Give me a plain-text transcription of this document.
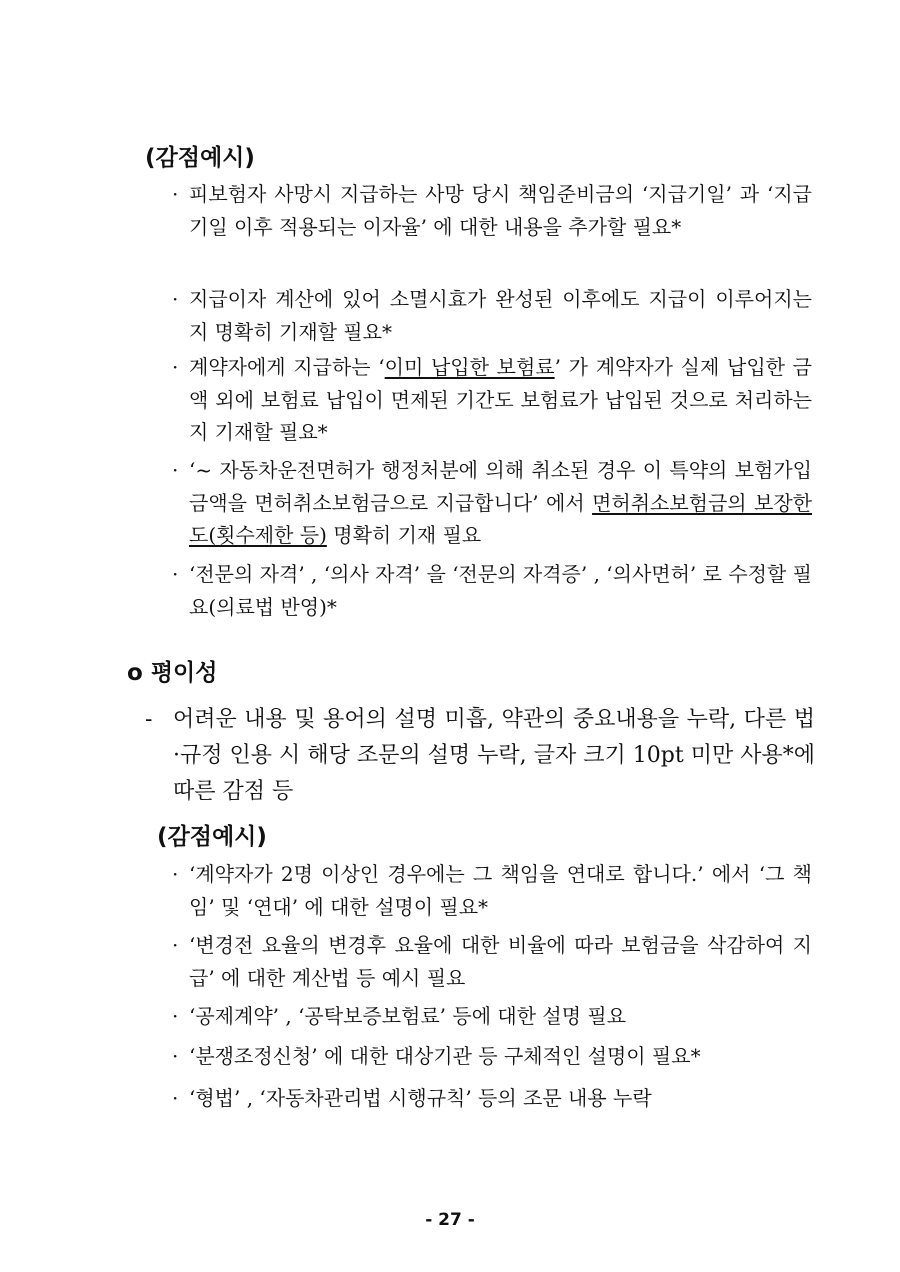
(감점예시)
· 피보험자 사망시 지급하는 사망 당시 책임준비금의 ‘지급기일’ 과 ‘지급기일 이후 적용되는 이자율’ 에 대한 내용을 추가할 필요*
· 지급이자 계산에 있어 소멸시효가 완성된 이후에도 지급이 이루어지는지 명확히 기재할 필요*
· 계약자에게 지급하는 ‘이미 납입한 보험료’ 가 계약자가 실제 납입한 금액 외에 보험료 납입이 면제된 기간도 보험료가 납입된 것으로 처리하는지 기재할 필요*
· ‘~ 자동차운전면허가 행정처분에 의해 취소된 경우 이 특약의 보험가입금액을 면허취소보험금으로 지급합니다’ 에서 면허취소보험금의 보장한도(횟수제한 등) 명확히 기재 필요
· ‘전문의 자격’ , ‘의사 자격’ 을 ‘전문의 자격증’ , ‘의사면허’ 로 수정할 필요(의료법 반영)*
o 평이성
- 어려운 내용 및 용어의 설명 미흡, 약관의 중요내용을 누락, 다른 법·규정 인용 시 해당 조문의 설명 누락, 글자 크기 10pt 미만 사용*에 따른 감점 등
(감점예시)
· ‘계약자가 2명 이상인 경우에는 그 책임을 연대로 합니다.’ 에서 ‘그 책임’ 및 ‘연대’ 에 대한 설명이 필요*
· ‘변경전 요율의 변경후 요율에 대한 비율에 따라 보험금을 삭감하여 지급’ 에 대한 계산법 등 예시 필요
· ‘공제계약’ , ‘공탁보증보험료’ 등에 대한 설명 필요
· ‘분쟁조정신청’ 에 대한 대상기관 등 구체적인 설명이 필요*
· ‘형법’ , ‘자동차관리법 시행규칙’ 등의 조문 내용 누락
- 27 -
